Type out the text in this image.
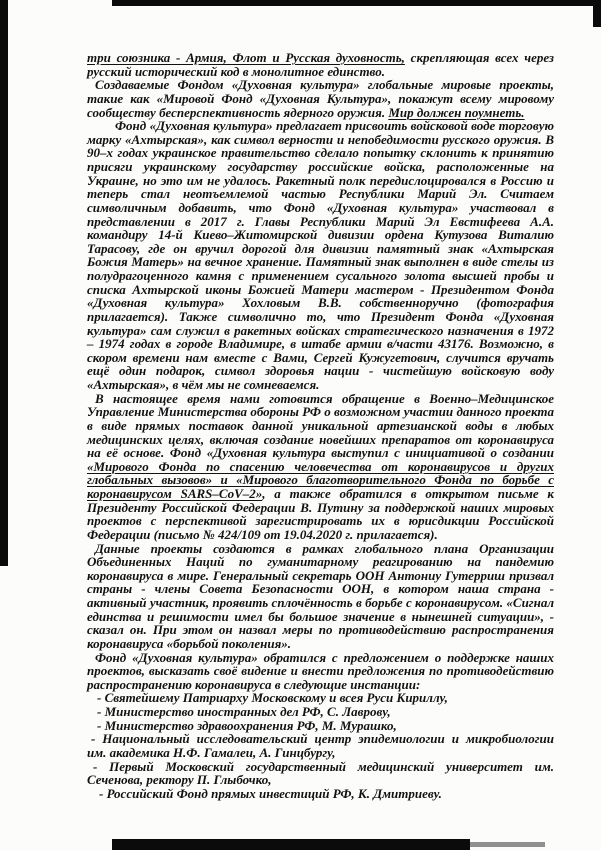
три союзника - Армия, Флот и Русская духовность, скрепляющая всех через русский исторический код в монолитное единство.

Создаваемые Фондом «Духовная культура» глобальные мировые проекты, такие как «Мировой Фонд «Духовная Культура», покажут всему мировому сообществу бесперспективность ядерного оружия. Мир должен поумнеть.

Фонд «Духовная культура» предлагает присвоить войсковой воде торговую марку «Ахтырская», как символ верности и непобедимости русского оружия. В 90–х годах украинское правительство сделало попытку склонить к принятию присяги украинскому государству российские войска, расположенные на Украине, но это им не удалось. Ракетный полк передислоцировался в Россию и теперь стал неотъемлемой частью Республики Марий Эл. Считаем символичным добавить, что Фонд «Духовная культура» участвовал в представлении в 2017 г. Главы Республики Марий Эл Евстифеева А.А. командиру 14-й Киево–Житомирской дивизии ордена Кутузова Виталию Тарасову, где он вручил дорогой для дивизии памятный знак «Ахтырская Божия Матерь» на вечное хранение. Памятный знак выполнен в виде стелы из полудрагоценного камня с применением сусального золота высшей пробы и списка Ахтырской иконы Божией Матери мастером - Президентом Фонда «Духовная культура» Хохловым В.В. собственноручно (фотография прилагается). Также символично то, что Президент Фонда «Духовная культура» сам служил в ракетных войсках стратегического назначения в 1972 – 1974 годах в городе Владимире, в штабе армии в/части 43176. Возможно, в скором времени нам вместе с Вами, Сергей Кужугетович, случится вручать ещё один подарок, символ здоровья нации - чистейшую войсковую воду «Ахтырская», в чём мы не сомневаемся.

В настоящее время нами готовится обращение в Военно–Медицинское Управление Министерства обороны РФ о возможном участии данного проекта в виде прямых поставок данной уникальной артезианской воды в любых медицинских целях, включая создание новейших препаратов от коронавируса на её основе. Фонд «Духовная культура выступил с инициативой о создании «Мирового Фонда по спасению человечества от коронавирусов и других глобальных вызовов» и «Мирового благотворительного Фонда по борьбе с коронавирусом SARS–CoV–2», а также обратился в открытом письме к Президенту Российской Федерации В. Путину за поддержкой наших мировых проектов с перспективой зарегистрировать их в юрисдикции Российской Федерации (письмо № 424/109 от 19.04.2020 г. прилагается).

Данные проекты создаются в рамках глобального плана Организации Объединенных Наций по гуманитарному реагированию на пандемию коронавируса в мире. Генеральный секретарь ООН Антониу Гутерриш призвал страны - члены Совета Безопасности ООН, в котором наша страна - активный участник, проявить сплочённость в борьбе с коронавирусом. «Сигнал единства и решимости имел бы большое значение в нынешней ситуации», - сказал он. При этом он назвал меры по противодействию распространения коронавируса «борьбой поколения».

Фонд «Духовная культура» обратился с предложением о поддержке наших проектов, высказать своё видение и внести предложения по противодействию распространению коронавируса в следующие инстанции:

- Святейшему Патриарху Московскому и всея Руси Кириллу,

- Министерство иностранных дел РФ, С. Лаврову,

- Министерство здравоохранения РФ, М. Мурашко,

- Национальный исследовательский центр эпидемиологии и микробиологии им. академика Н.Ф. Гамалеи, А. Гинцбургу,

- Первый Московский государственный медицинский университет им. Сеченова, ректору П. Глыбочко,

- Российский Фонд прямых инвестиций РФ, К. Дмитриеву.
